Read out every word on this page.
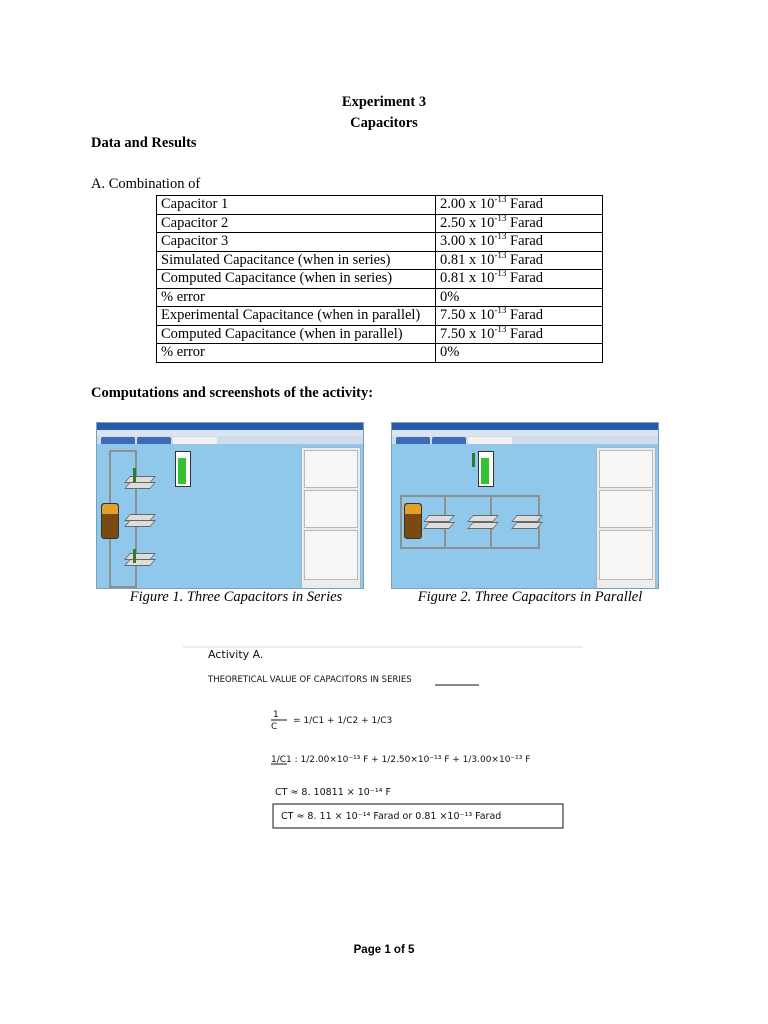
Experiment 3
Capacitors
Data and Results
A. Combination of
Capacitor 1	2.00 x $10^{-13}$ Farad
Capacitor 2	2.50 x $10^{-13}$ Farad
Capacitor 3	3.00 x $10^{-13}$ Farad
Simulated Capacitance (when in series)	0.81 x $10^{-13}$ Farad
Computed Capacitance (when in series)	0.81 x $10^{-13}$ Farad
% error	0%
Experimental Capacitance (when in parallel)	7.50 x $10^{-13}$ Farad
Computed Capacitance (when in parallel)	7.50 x $10^{-13}$ Farad
% error	0%
Computations and screenshots of the activity:
Figure 1. Three Capacitors in Series	Figure 2. Three Capacitors in Parallel
Activity A.
THEORETICAL VALUE OF CAPACITORS IN SERIES
1
C
= 1/C1 + 1/C2 + 1/C3
1/C1 : 1/2.00×10⁻¹³ F + 1/2.50×10⁻¹³ F + 1/3.00×10⁻¹³ F
CT ≈ 8. 10811 × 10⁻¹⁴ F
CT ≈ 8. 11 × 10⁻¹⁴ Farad or 0.81 ×10⁻¹³ Farad
Page 1 of 5
